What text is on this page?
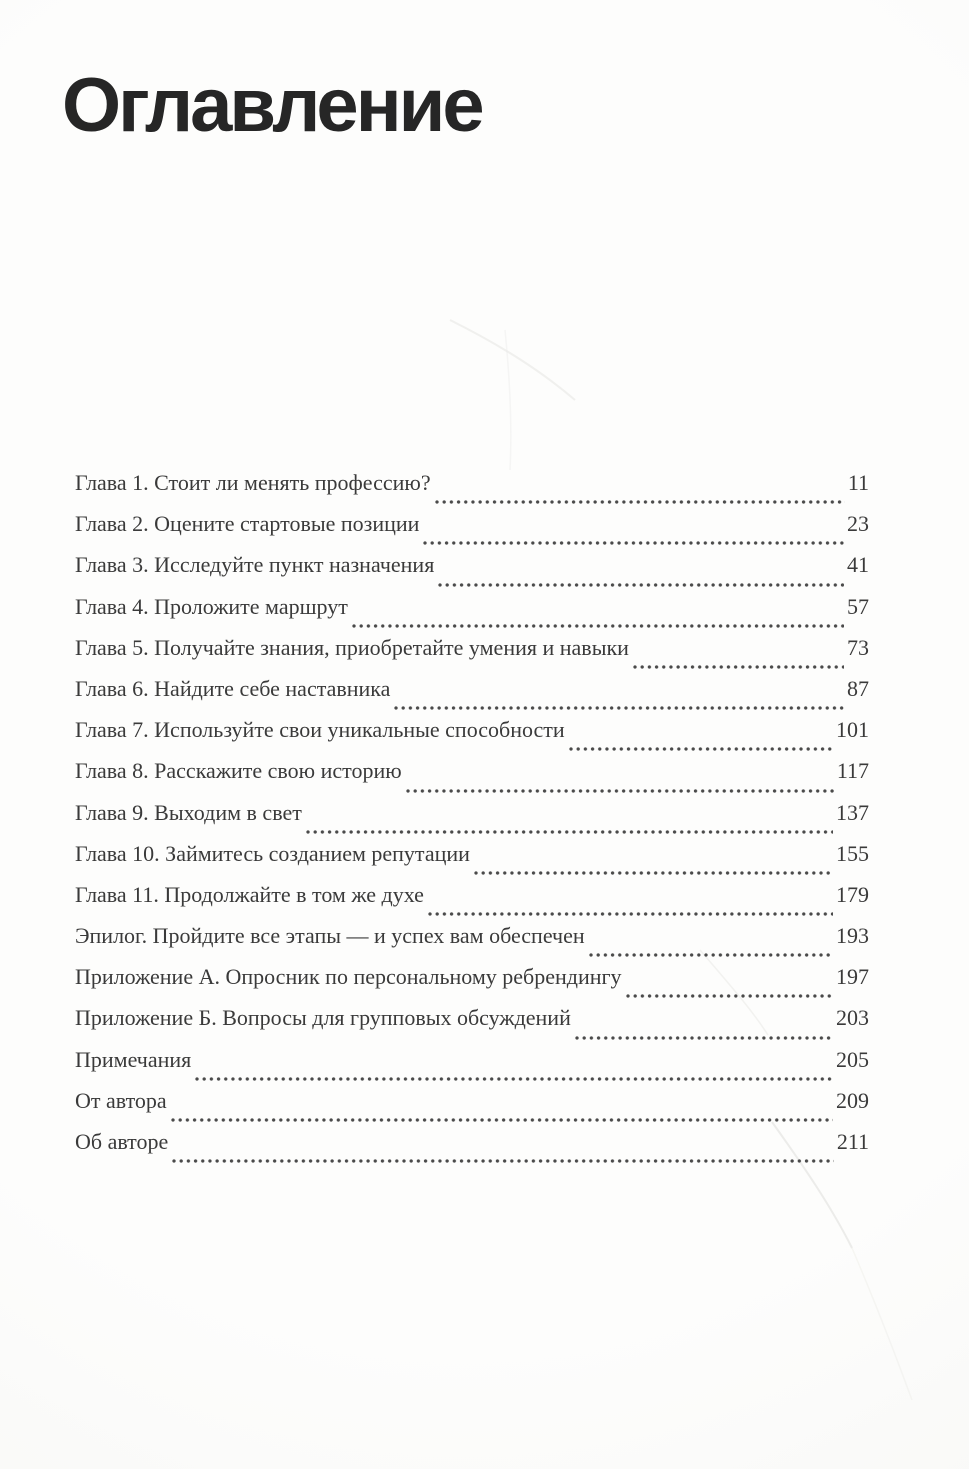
Оглавление
Глава 1. Стоит ли менять профессию?	11
Глава 2. Оцените стартовые позиции	23
Глава 3. Исследуйте пункт назначения	41
Глава 4. Проложите маршрут	57
Глава 5. Получайте знания, приобретайте умения и навыки	73
Глава 6. Найдите себе наставника	87
Глава 7. Используйте свои уникальные способности	101
Глава 8. Расскажите свою историю	117
Глава 9. Выходим в свет	137
Глава 10. Займитесь созданием репутации	155
Глава 11. Продолжайте в том же духе	179
Эпилог. Пройдите все этапы — и успех вам обеспечен	193
Приложение А. Опросник по персональному ребрендингу	197
Приложение Б. Вопросы для групповых обсуждений	203
Примечания	205
От автора	209
Об авторе	211
